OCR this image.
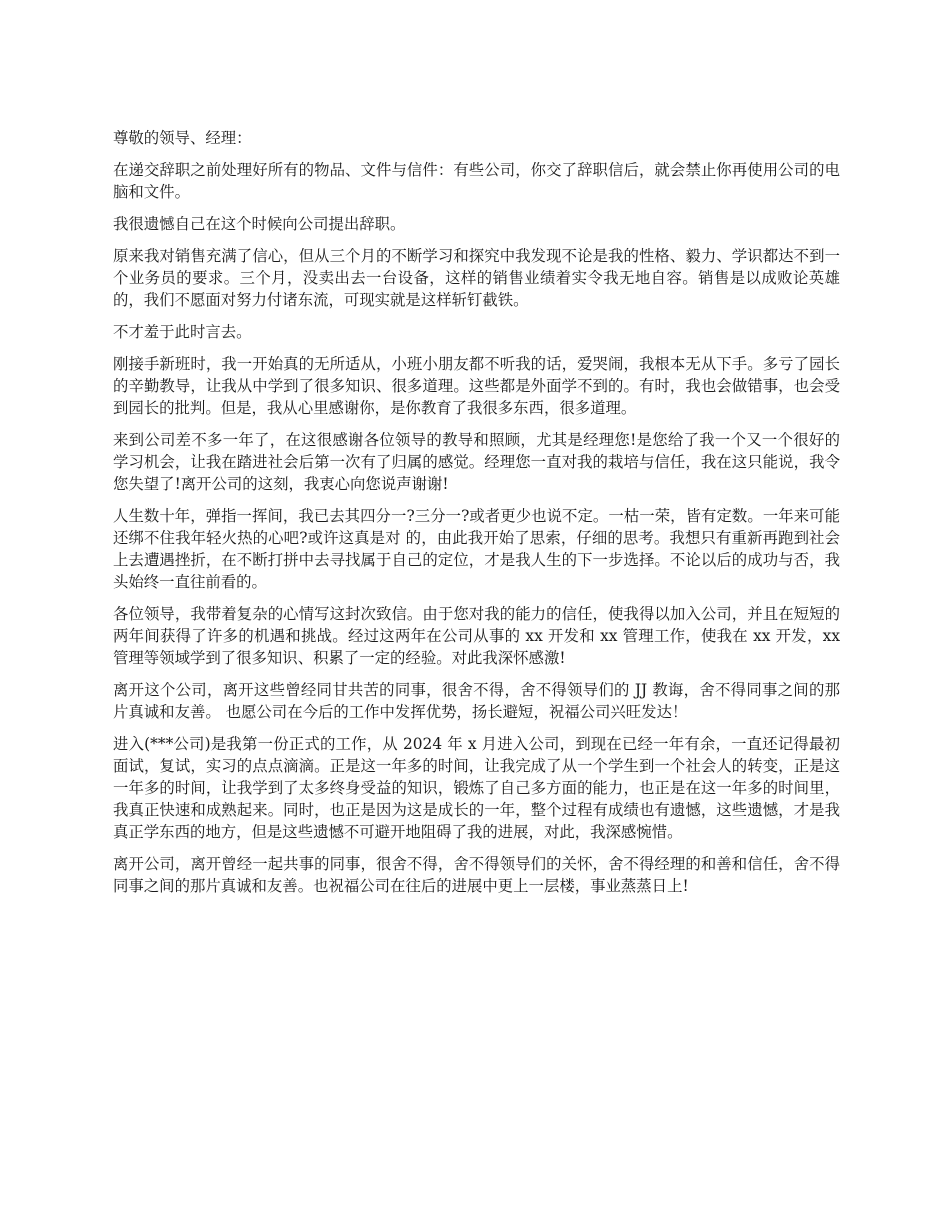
尊敬的领导、经理：

在递交辞职之前处理好所有的物品、文件与信件：有些公司，你交了辞职信后，就会禁止你再使用公司的电脑和文件。

我很遗憾自己在这个时候向公司提出辞职。

原来我对销售充满了信心，但从三个月的不断学习和探究中我发现不论是我的性格、毅力、学识都达不到一个业务员的要求。三个月，没卖出去一台设备，这样的销售业绩着实令我无地自容。销售是以成败论英雄的，我们不愿面对努力付诸东流，可现实就是这样斩钉截铁。

不才羞于此时言去。

刚接手新班时，我一开始真的无所适从，小班小朋友都不听我的话，爱哭闹，我根本无从下手。多亏了园长的辛勤教导，让我从中学到了很多知识、很多道理。这些都是外面学不到的。有时，我也会做错事，也会受到园长的批判。但是，我从心里感谢你，是你教育了我很多东西，很多道理。

来到公司差不多一年了，在这很感谢各位领导的教导和照顾，尤其是经理您!是您给了我一个又一个很好的学习机会，让我在踏进社会后第一次有了归属的感觉。经理您一直对我的栽培与信任，我在这只能说，我令您失望了!离开公司的这刻，我衷心向您说声谢谢!

人生数十年，弹指一挥间，我已去其四分一?三分一?或者更少也说不定。一枯一荣，皆有定数。一年来可能还绑不住我年轻火热的心吧?或许这真是对 的，由此我开始了思索，仔细的思考。我想只有重新再跑到社会上去遭遇挫折，在不断打拼中去寻找属于自己的定位，才是我人生的下一步选择。不论以后的成功与否，我头始终一直往前看的。

各位领导，我带着复杂的心情写这封次致信。由于您对我的能力的信任，使我得以加入公司，并且在短短的两年间获得了许多的机遇和挑战。经过这两年在公司从事的 xx 开发和 xx 管理工作，使我在 xx 开发，xx 管理等领域学到了很多知识、积累了一定的经验。对此我深怀感激!

离开这个公司，离开这些曾经同甘共苦的同事，很舍不得，舍不得领导们的 JJ 教诲，舍不得同事之间的那片真诚和友善。 也愿公司在今后的工作中发挥优势，扬长避短，祝福公司兴旺发达！

进入(***公司)是我第一份正式的工作，从 2024 年 x 月进入公司，到现在已经一年有余，一直还记得最初面试，复试，实习的点点滴滴。正是这一年多的时间，让我完成了从一个学生到一个社会人的转变，正是这一年多的时间，让我学到了太多终身受益的知识，锻炼了自己多方面的能力，也正是在这一年多的时间里，我真正快速和成熟起来。同时，也正是因为这是成长的一年，整个过程有成绩也有遗憾，这些遗憾，才是我真正学东西的地方，但是这些遗憾不可避开地阻碍了我的进展，对此，我深感惋惜。

离开公司，离开曾经一起共事的同事，很舍不得，舍不得领导们的关怀，舍不得经理的和善和信任，舍不得同事之间的那片真诚和友善。也祝福公司在往后的进展中更上一层楼，事业蒸蒸日上!
